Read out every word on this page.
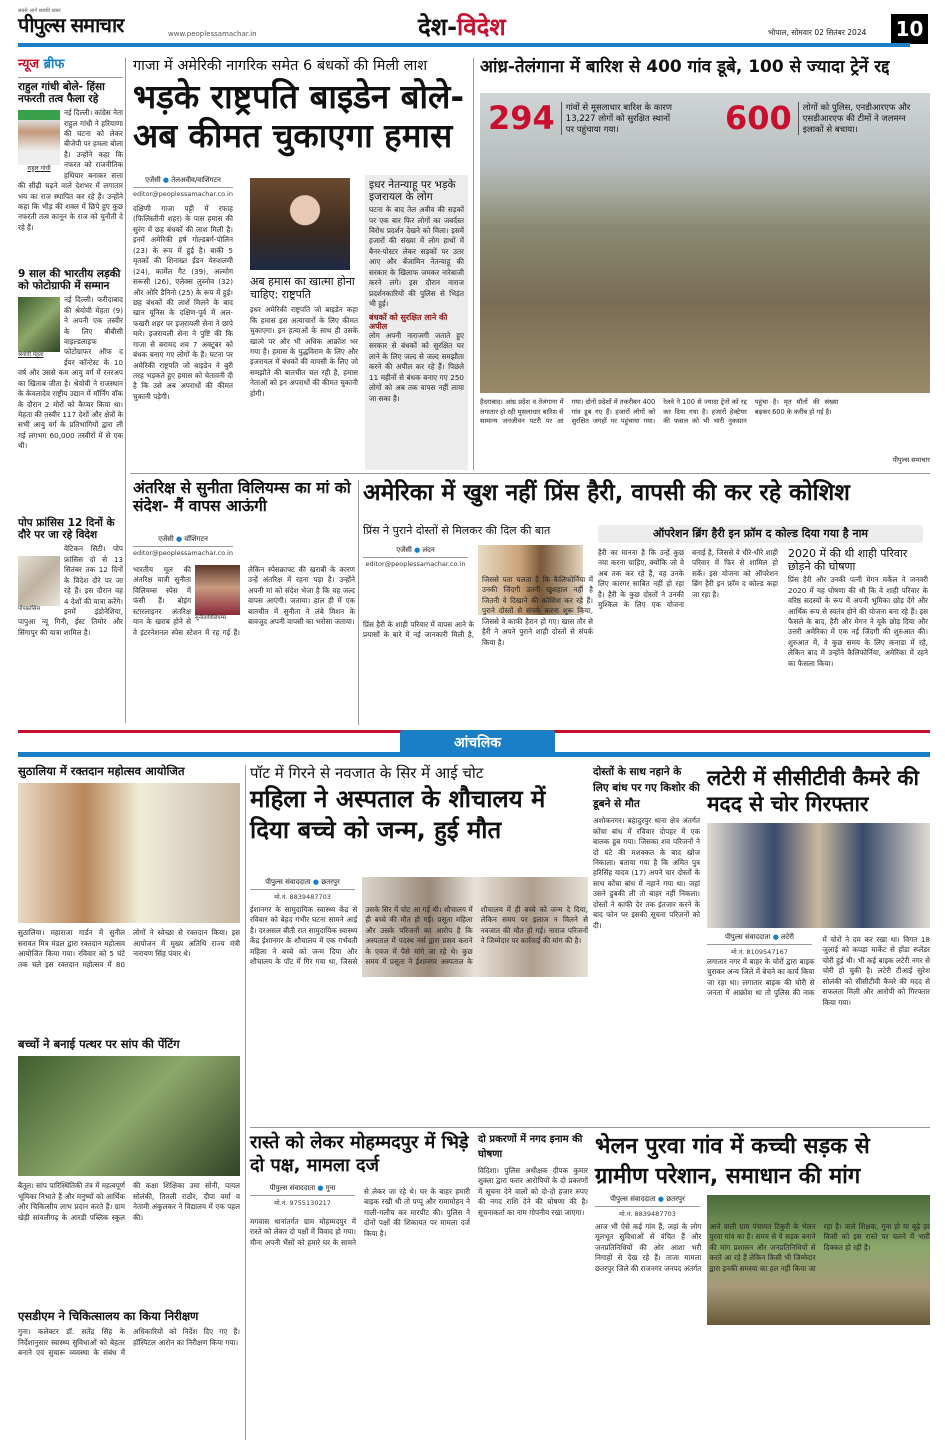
सबसे आगे सबकी खबर
पीपुल्स समाचार	www.peoplessamachar.in	देश-विदेश	भोपाल, सोमवार 02 सितंबर 2024 10
न्यूज ब्रीफ
राहुल गांधी बोले- हिंसा नफरती तत्व फैला रहे
राहुल गांधी
नई दिल्ली। कांग्रेस नेता राहुल गांधी ने हरियाणा की घटना को लेकर बीजेपी पर हमला बोला है। उन्होंने कहा कि नफरत को राजनीतिक हथियार बनाकर सत्ता की सीढ़ी चढ़ने वाले देशभर में लगातार भय का राज स्थापित कर रहे हैं। उन्होंने कहा कि भीड़ की शक्ल में छिपे हुए कुछ नफरती तत्व कानून के राज को चुनौती दे रहे हैं।
9 साल की भारतीय लड़की को फोटोग्राफी में सम्मान
श्रेयोवी मेहता
नई दिल्ली। फरीदाबाद की श्रेयोवी मेहता (9) ने अपनी एक तस्वीर के लिए बीबीसी वाइल्डलाइफ फोटोग्राफर ऑफ द ईयर कॉन्टेस्ट के 10 वर्ष और उससे कम आयु वर्ग में रनरअप का खिताब जीता है। श्रेयोवी ने राजस्थान के केवलादेव राष्ट्रीय उद्यान में मॉर्निंग वॉक के दौरान 2 मोरों को कैप्चर किया था। मेहता की तस्वीर 117 देशों और क्षेत्रों के सभी आयु वर्ग के प्रतिभागियों द्वारा ली गई लगभग 60,000 तस्वीरों में से एक थी।
पोप फ्रांसिस 12 दिनों के दौरे पर जा रहे विदेश
पोपफ्रांसिस
वेटिकन सिटी। पोप फ्रांसिस दो से 13 सितंबर तक 12 दिनों के विदेश दौरे पर जा रहे हैं। इस दौरान वह 4 देशों की यात्रा करेंगे। इनमें इंडोनेशिया, पापुआ न्यू गिनी, ईस्ट तिमोर और सिंगापुर की यात्रा शामिल है।
गाजा में अमेरिकी नागरिक समेत 6 बंधकों की मिली लाश
भड़के राष्ट्रपति बाइडेन बोले- अब कीमत चुकाएगा हमास
एजेंसी ● तेलअवीव/वाशिंगटन
editor@peoplessamachar.co.in
दक्षिणी गाजा पट्टी में रफाह (फिलिस्तीनी शहर) के पास हमास की सुरंग में छह बंधकों की लाश मिली है। इनमें अमेरिकी हर्ष गोल्डबर्ग-पोलिन (23) के रूप में हुई है। बाकी 5 मृतकों की शिनाख्त ईडन येरुशलमी (24), कार्मेल गैट (39), अल्मोग सरूसी (26), एलेक्स लुब्नोव (32) और ओरि डैनिनो (25) के रूप में हुई। छह बंधकों की लाशें मिलने के बाद खान यूनिस के दक्षिण-पूर्व में अल-फखरी शहर पर इजरायली सेना ने छापे मारे। इजरायली सेना ने पुष्टि की कि गाजा से बरामद शव 7 अक्टूबर को बंधक बनाए गए लोगों के हैं। घटना पर अमेरिकी राष्ट्रपति जो बाइडेन ने बुरी तरह भड़कते हुए हमास को चेतावनी दी है कि उसे अब अपराधों की कीमत चुकानी पड़ेगी।
अब हमास का खात्मा होना चाहिए: राष्ट्रपति
इधर अमेरिकी राष्ट्रपति जो बाइडेन कहा कि हमास इस अत्याचारों के लिए कीमत चुकाएगा। इन हत्याओं के साथ ही उसके खात्मे पर और भी अधिक आक्रोश भर गया है। हमास के युद्धविराम के लिए और इजरायल में बंधकों की वापसी के लिए जो समझौते की बातचीत चल रही है, हमास नेताओं को इन अपराधों की कीमत चुकानी होगी।
इधर नेतन्याहू पर भड़के इजरायल के लोग
घटना के बाद तेल अवीव की सड़कों पर एक बार फिर लोगों का जबर्दस्त विरोध प्रदर्शन देखने को मिला। इसमें हजारों की संख्या में लोग हाथों में बैनर-पोस्टर लेकर सड़कों पर उतर आए और बेंजामिन नेतन्याहू की सरकार के खिलाफ जमकर नारेबाजी करने लगे। इस दौरान नाराज प्रदर्शनकारियों की पुलिस से भिड़ंत भी हुई।
बंधकों को सुरक्षित लाने की अपील
लोग अपनी नाराजगी जताते हुए सरकार से बंधकों को सुरक्षित घर लाने के लिए जल्द से जल्द समझौता करने की अपील कर रहे हैं। पिछले 11 महीनों से बंधक बनाए गए 250 लोगों को अब तक वापस नहीं लाया जा सका है।
आंध्र-तेलंगाना में बारिश से 400 गांव डूबे, 100 से ज्यादा ट्रेनें रद्द
294	गांवों से मूसलाधार बारिश के कारण 13,227 लोगों को सुरक्षित स्थानों पर पहुंचाया गया।	600	लोगों को पुलिस, एनडीआरएफ और एसडीआरएफ की टीमों ने जलमग्न इलाकों से बचाया।
हैदराबाद। आंध्र प्रदेश व तेलंगाना में लगातार हो रही मूसलाधार बारिश से सामान्य जनजीवन पटरी पर आ गया। दोनों प्रदेशों में तकरीबन 400 गांव डूब गए हैं। हजारों लोगों को सुरक्षित जगहों पर पहुंचाया गया। रेलवे ने 100 से ज्यादा ट्रेनों को रद्द कर दिया गया है। हजारों हेक्टेयर की फसल को भी भारी नुकसान पहुंचा है। मृत मौतों की संख्या बढ़कर 600 के करीब हो गई है।
पीपुल्स समाचार
अंतरिक्ष से सुनीता विलियम्स का मां को संदेश- मैं वापस आऊंगी
एजेंसी ● वॉशिंगटन
editor@peoplessamachar.co.in
सुनीताविलियम्स
भारतीय मूल की अंतरिक्ष यात्री सुनीता विलियम्स स्पेस में फंसी हैं। बोइंग स्टारलाइनर अंतरिक्ष यान के खराब होने से वे इंटरनेशनल स्पेस स्टेशन में रह गई हैं। लेकिन स्पेसक्राफ्ट की खराबी के कारण उन्हें अंतरिक्ष में रहना पड़ा है। उन्होंने अपनी मां को संदेश भेजा है कि वह जल्द वापस आएंगी। जताया। हाल ही में एक बातचीत में सुनीता ने लंबे मिशन के बावजूद अपनी वापसी का भरोसा जताया।
अमेरिका में खुश नहीं प्रिंस हैरी, वापसी की कर रहे कोशिश
प्रिंस ने पुराने दोस्तों से मिलकर की दिल की बात
एजेंसी ● लंदन
editor@peoplessamachar.co.in
प्रिंस हैरी के शाही परिवार में वापस आने के प्रयासों के बारे में नई जानकारी मिली है, जिससे पता चलता है कि कैलिफोर्निया में उनकी जिंदगी उतनी खुशहाल नहीं है जितनी वे दिखाने की कोशिश कर रहे हैं। पुराने दोस्तों से संपर्क करना शुरू किया, जिससे वे काफी हैरान हो गए। खास तौर से हैरी ने अपने पुराने शाही दोस्तों से संपर्क किया है।
ऑपरेशन ब्रिंग हैरी इन फ्रॉम द कोल्ड दिया गया है नाम
हैरी का मानना है कि उन्हें कुछ नया करना चाहिए, क्योंकि जो वे अब तक कर रहे हैं, वह उनके लिए कारगर साबित नहीं हो रहा है। हैरी के कुछ दोस्तों ने उनकी मुश्किल के लिए एक योजना बनाई है, जिससे वे धीरे-धीरे शाही परिवार में फिर से शामिल हो सकें। इस योजना को ऑपरेशन ब्रिंग हैरी इन फ्रॉम द कोल्ड कहा जा रहा है।
2020 में की थी शाही परिवार छोड़ने की घोषणा
प्रिंस हैरी और उनकी पत्नी मेगन मर्केल ने जनवरी 2020 में यह घोषणा की थी कि वे शाही परिवार के वरिष्ठ सदस्यों के रूप में अपनी भूमिका छोड़ देंगे और आर्थिक रूप से स्वतंत्र होने की योजना बना रहे हैं। इस फैसले के बाद, हैरी और मेगन ने यूके छोड़ दिया और उत्तरी अमेरिका में एक नई जिंदगी की शुरुआत की। शुरुआत में, वे कुछ समय के लिए कनाडा में रहे, लेकिन बाद में उन्होंने कैलिफोर्निया, अमेरिका में रहने का फैसला किया।
आंचलिक
सुठालिया में रक्तदान महोत्सव आयोजित
सुठालिया। महाराजा गार्डन में सुनील सरावत मित्र मंडल द्वारा रक्तदान महोत्सव आयोजित किया गया। रविवार को 5 घंटे तक चले इस रक्तदान महोत्सव में 80 लोगों ने स्वेच्छा से रक्तदान किया। इस आयोजन में मुख्य अतिथि राज्य मंत्री नारायण सिंह पंवार थे।
बच्चों ने बनाई पत्थर पर सांप की पेंटिंग
बैतूल। सांप पारिस्थितिकी तंत्र में महत्वपूर्ण भूमिका निभाते हैं और मनुष्यों को आर्थिक और चिकित्सीय लाभ प्रदान करते हैं। ग्राम खेड़ी सांवलीगढ़ के आरडी पब्लिक स्कूल की कक्षा शिक्षिका उमा सोनी, पायल सोलंकी, तितली राठौर, दीपा वर्मा व नेतामी अंकुलकर ने विद्यालय में एक पहल की।
एसडीएम ने चिकित्सालय का किया निरीक्षण
गुना। कलेक्टर डॉ. सतेंद्र सिंह के निर्देशानुसार स्वास्थ्य सुविधाओं को बेहतर बनाने एवं सुचारू व्यवस्था के संबंध में अधिकारियों को निर्देश दिए गए हैं। हॉस्पिटल आरोन का निरीक्षण किया गया।
पॉट में गिरने से नवजात के सिर में आई चोट
महिला ने अस्पताल के शौचालय में दिया बच्चे को जन्म, हुई मौत
पीपुल्स संवाददाता ● छतरपुर
मो.नं. 8839487703
ईशानगर के सामुदायिक स्वास्थ्य केंद्र से रविवार को बेहद गंभीर घटना सामने आई है। दरअसल बीती रात सामुदायिक स्वास्थ्य केंद्र ईशानगर के शौचालय में एक गर्भवती महिला ने बच्चे को जन्म दिया और शौचालय के पॉट में गिर गया था, जिससे उसके सिर में चोट आ गई थी। शौचालय में ही बच्चे की मौत हो गई। प्रसूता महिला और उसके परिजनों का आरोप है कि अस्पताल में पदस्थ नर्स द्वारा प्रसव कराने के एवज में पैसे मांगे जा रहे थे। कुछ समय में प्रसूता ने ईशानगर अस्पताल के शौचालय में ही बच्चे को जन्म दे दिया, लेकिन समय पर इलाज न मिलने से नवजात की मौत हो गई। नाराज परिजनों ने जिम्मेदार पर कार्रवाई की मांग की है।
दोस्तों के साथ नहाने के लिए बांध पर गए किशोर की डूबने से मौत
अशोकनगर। बहादुरपुर थाना क्षेत्र अंतर्गत कोंचा बांध में रविवार दोपहर में एक बालक डूब गया। जिसका शव परिजनों ने दो घंटे की मशक्कत के बाद खोज निकाला। बताया गया है कि अमित पुत्र हरिसिंह यादव (17) अपने चार दोस्तों के साथ कोंचा बांध में नहाने गया था। जहां उसने डुबकी ली तो बाहर नहीं निकला। दोस्तों ने काफी देर तक इंतजार करने के बाद फोन पर इसकी सूचना परिजनों को दी।
लटेरी में सीसीटीवी कैमरे की मदद से चोर गिरफ्तार
पीपुल्स संवाददाता ● लटेरी
मो.नं. 8109547167
लगातार नगर में बाहर के चोरों द्वारा बाइक चुराकर अन्य जिले में बेचने का कार्य किया जा रहा था। लगातार बाइक की चोरी से जनता में आक्रोश था तो पुलिस की नाक में चोरों ने दम कर रखा था। विगत 18 जुलाई को कपड़ा मार्केट से होंडा स्प्लेंडर चोरी हुई थी। भी कई बाइक लटेरी नगर से चोरी हो चुकी है। लटेरी टीआई सुरेश सोलंकी को सीसीटीवी कैमरे की मदद से सफलता मिली और आरोपी को गिरफ्तार किया गया।
रास्ते को लेकर मोहम्मदपुर में भिड़े दो पक्ष, मामला दर्ज
पीपुल्स संवाददाता ● गुना
मो.नं. 9755130217
मगवास थानांतर्गत ग्राम मोहम्मदपुर में रास्ते को लेकर दो पक्षों में विवाद हो गया। मीना अपनी भैंसों को हमारे घर के सामने से लेकर जा रहे थे। घर के बाहर हमारी बाइक रखी थी तो पप्पू और रामामोहन ने गाली-गलौच कर मारपीट की। पुलिस ने दोनों पक्षों की शिकायत पर मामला दर्ज किया है।
दो प्रकरणों में नगद इनाम की घोषणा
विदिशा। पुलिस अधीक्षक दीपक कुमार शुक्ला द्वारा फरार आरोपियों के दो प्रकरणों में सूचना देने वालों को दो-दो हजार रुपए की नगद राशि देने की घोषणा की है। सूचनाकर्ता का नाम गोपनीय रखा जाएगा।
भेलन पुरवा गांव में कच्ची सड़क से ग्रामीण परेशान, समाधान की मांग
पीपुल्स संवाददाता ● छतरपुर
मो.नं. 8839487703
आज भी ऐसे कई गांव हैं, जहां के लोग मूलभूत सुविधाओं से वंचित हैं और जनप्रतिनिधियों की ओर आशा भरी निगाहों से देख रहे हैं। ताजा मामला छतरपुर जिले की राजनगर जनपद अंतर्गत आने वाली ग्राम पंचायत टिकुरी के भेलन पुरवा गांव का है। समय से ये सड़क बनाने की मांग प्रशासन और जनप्रतिनिधियों से करते आ रहे हैं लेकिन किसी भी जिम्मेदार द्वारा इनकी समस्या का हल नहीं किया जा रहा है। वाले शिक्षक, गुना हो या बूढ़े हर किसी को इस रास्ते पर चलने में भारी दिक्कत हो रही है।
